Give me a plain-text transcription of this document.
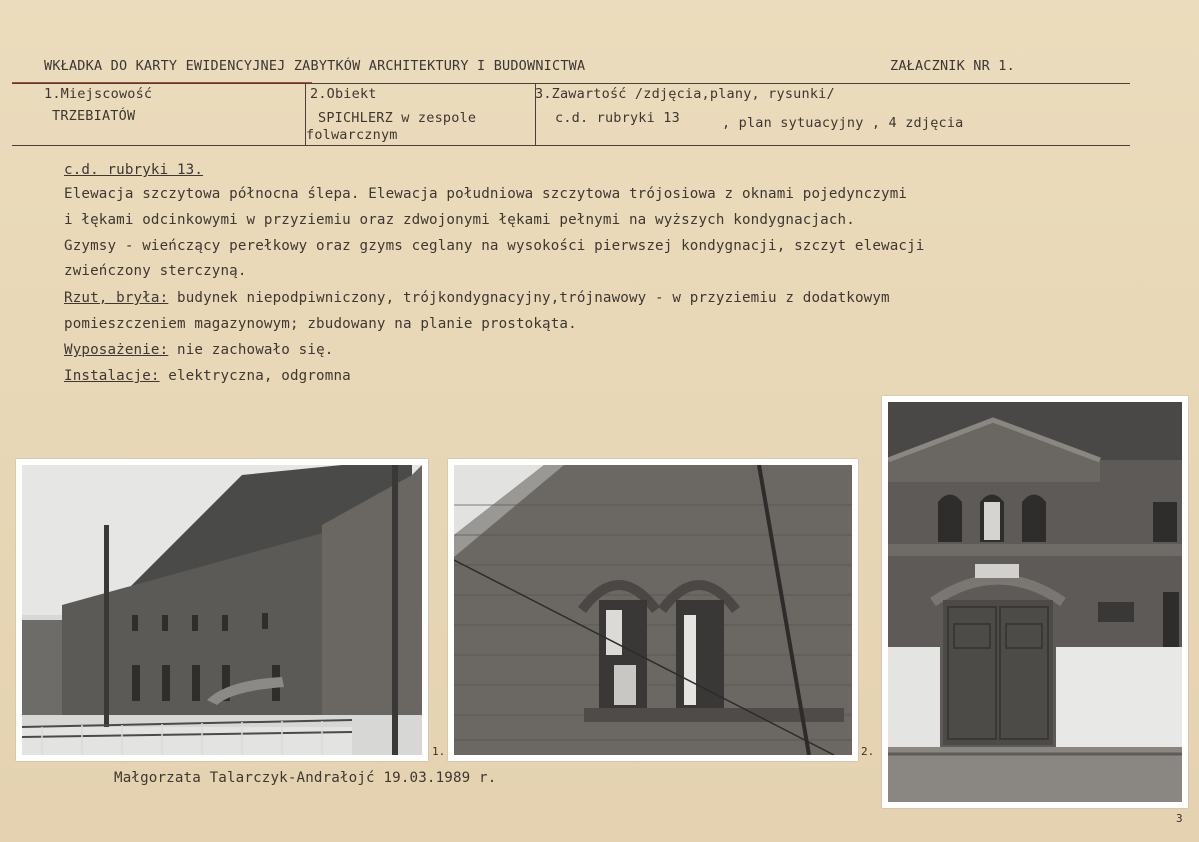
WKŁADKA DO KARTY EWIDENCYJNEJ ZABYTKÓW ARCHITEKTURY I BUDOWNICTWA	ZAŁACZNIK NR 1.
1.Miejscowość
TRZEBIATÓW
2.Obiekt
SPICHLERZ w zespole
folwarcznym
3.Zawartość /zdjęcia,plany, rysunki/
c.d. rubryki 13	, plan sytuacyjny , 4 zdjęcia
c.d. rubryki 13.
Elewacja szczytowa północna ślepa. Elewacja południowa szczytowa trójosiowa z oknami pojedynczymi
i łękami odcinkowymi w przyziemiu oraz zdwojonymi łękami pełnymi na wyższych kondygnacjach.
Gzymsy - wieńczący perełkowy oraz gzyms ceglany na wysokości pierwszej kondygnacji, szczyt elewacji
zwieńczony sterczyną.
Rzut, bryła: budynek niepodpiwniczony, trójkondygnacyjny,trójnawowy - w przyziemiu z dodatkowym
pomieszczeniem magazynowym; zbudowany na planie prostokąta.
Wyposażenie: nie zachowało się.
Instalacje: elektryczna, odgromna
1.	2.
3
Małgorzata Talarczyk-Andrałojć 19.03.1989 r.
